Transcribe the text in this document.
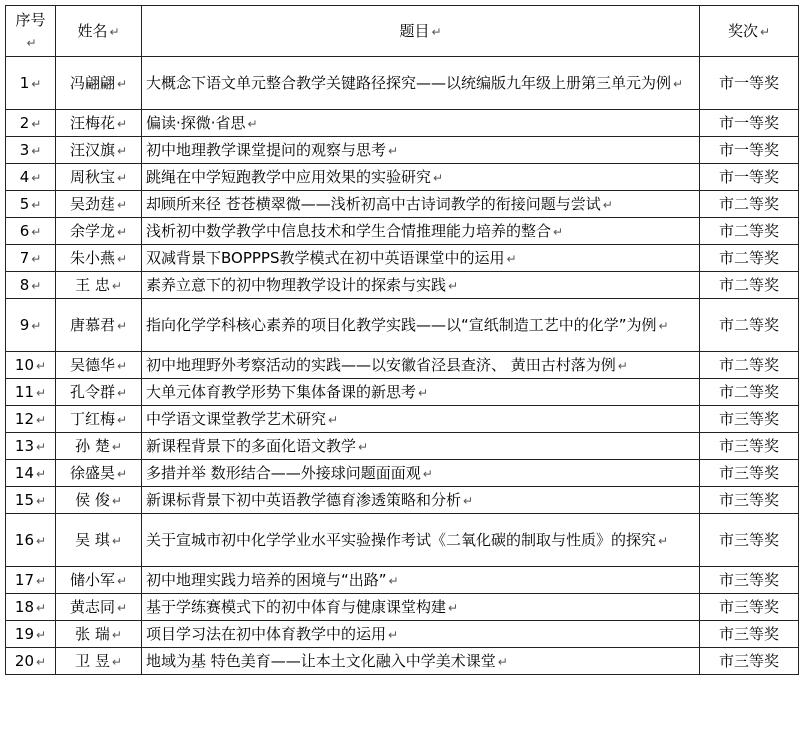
序号↵	姓名 ↵	题目 ↵	奖次 ↵
1 ↵	冯翩翩 ↵	大概念下语文单元整合教学关键路径探究——以统编版九年级上册第三单元为例 ↵	市一等奖
2 ↵	汪梅花 ↵	偏读·探微·省思 ↵	市一等奖
3 ↵	汪汉旗 ↵	初中地理教学课堂提问的观察与思考 ↵	市一等奖
4 ↵	周秋宝 ↵	跳绳在中学短跑教学中应用效果的实验研究 ↵	市一等奖
5 ↵	吴劲莛 ↵	却顾所来径 苍苍横翠微——浅析初高中古诗词教学的衔接问题与尝试 ↵	市二等奖
6 ↵	余学龙 ↵	浅析初中数学教学中信息技术和学生合情推理能力培养的整合 ↵	市二等奖
7 ↵	朱小燕 ↵	双减背景下BOPPPS教学模式在初中英语课堂中的运用 ↵	市二等奖
8 ↵	王 忠 ↵	素养立意下的初中物理教学设计的探索与实践 ↵	市二等奖
9 ↵	唐慕君 ↵	指向化学学科核心素养的项目化教学实践——以“宣纸制造工艺中的化学”为例 ↵	市二等奖
10 ↵	吴德华 ↵	初中地理野外考察活动的实践——以安徽省泾县查济、 黄田古村落为例 ↵	市二等奖
11 ↵	孔令群 ↵	大单元体育教学形势下集体备课的新思考 ↵	市二等奖
12 ↵	丁红梅 ↵	中学语文课堂教学艺术研究 ↵	市三等奖
13 ↵	孙 楚 ↵	新课程背景下的多面化语文教学 ↵	市三等奖
14 ↵	徐盛昊 ↵	多措并举 数形结合——外接球问题面面观 ↵	市三等奖
15 ↵	侯 俊 ↵	新课标背景下初中英语教学德育渗透策略和分析 ↵	市三等奖
16 ↵	吴 琪 ↵	关于宣城市初中化学学业水平实验操作考试《二氧化碳的制取与性质》的探究 ↵	市三等奖
17 ↵	储小军 ↵	初中地理实践力培养的困境与“出路” ↵	市三等奖
18 ↵	黄志同 ↵	基于学练赛模式下的初中体育与健康课堂构建 ↵	市三等奖
19 ↵	张 瑞 ↵	项目学习法在初中体育教学中的运用 ↵	市三等奖
20 ↵	卫 昱 ↵	地域为基 特色美育——让本土文化融入中学美术课堂 ↵	市三等奖
